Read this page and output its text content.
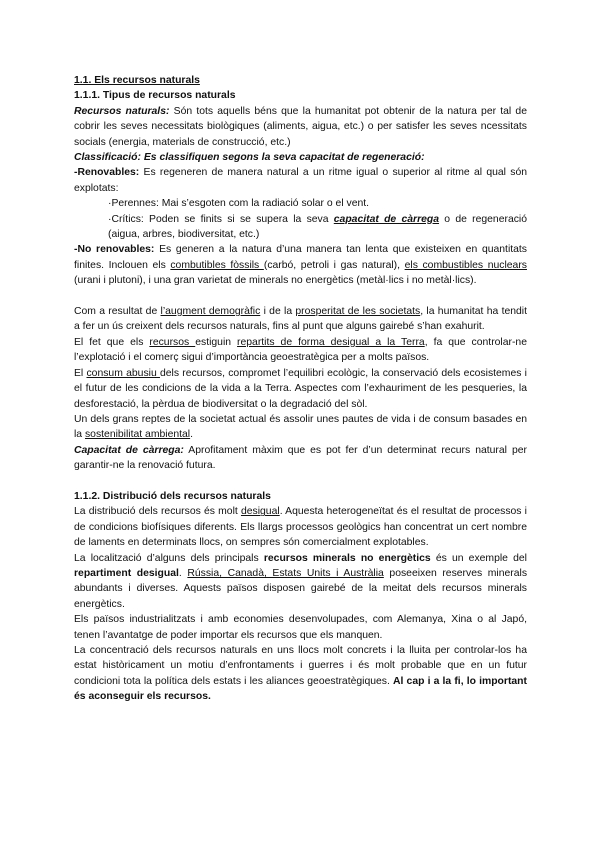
1.1. Els recursos naturals

1.1.1. Tipus de recursos naturals

Recursos naturals: Són tots aquells béns que la humanitat pot obtenir de la natura per tal de cobrir les seves necessitats biològiques (aliments, aigua, etc.) o per satisfer les seves ncessitats socials (energia, materials de construcció, etc.)

Classificació: Es classifiquen segons la seva capacitat de regeneració:

-Renovables: Es regeneren de manera natural a un ritme igual o superior al ritme al qual són explotats:

·Perennes: Mai s’esgoten com la radiació solar o el vent.

·Crítics: Poden se finits si se supera la seva capacitat de càrrega o de regeneració (aigua, arbres, biodiversitat, etc.)

-No renovables: Es generen a la natura d’una manera tan lenta que existeixen en quantitats finites. Inclouen els combutibles fòssils (carbó, petroli i gas natural), els combustibles nuclears (urani i plutoni), i una gran varietat de minerals no energètics (metàl·lics i no metàl·lics).

Com a resultat de l’augment demogràfic i de la prosperitat de les societats, la humanitat ha tendit a fer un ús creixent dels recursos naturals, fins al punt que alguns gairebé s’han exahurit.

El fet que els recursos estiguin repartits de forma desigual a la Terra, fa que controlar-ne l’explotació i el comerç sigui d’importància geoestratègica per a molts països.

El consum abusiu dels recursos, compromet l’equilibri ecològic, la conservació dels ecosistemes i el futur de les condicions de la vida a la Terra. Aspectes com l’exhauriment de les pesqueries, la desforestació, la pèrdua de biodiversitat o la degradació del sòl.

Un dels grans reptes de la societat actual és assolir unes pautes de vida i de consum basades en la sostenibilitat ambiental.

Capacitat de càrrega: Aprofitament màxim que es pot fer d’un determinat recurs natural per garantir-ne la renovació futura.

1.1.2. Distribució dels recursos naturals

La distribució dels recursos és molt desigual. Aquesta heterogeneïtat és el resultat de processos i de condicions biofísiques diferents. Els llargs processos geològics han concentrat un cert nombre de laments en determinats llocs, on sempres són comercialment explotables.

La localització d’alguns dels principals recursos minerals no energètics és un exemple del repartiment desigual. Rússia, Canadà, Estats Units i Austràlia poseeixen reserves minerals abundants i diverses. Aquests països disposen gairebé de la meitat dels recursos minerals energètics.

Els països industrialitzats i amb economies desenvolupades, com Alemanya, Xina o al Japó, tenen l’avantatge de poder importar els recursos que els manquen.

La concentració dels recursos naturals en uns llocs molt concrets i la lluita per controlar-los ha estat històricament un motiu d’enfrontaments i guerres i és molt probable que en un futur condicioni tota la política dels estats i les aliances geoestratègiques. Al cap i a la fi, lo important és aconseguir els recursos.
